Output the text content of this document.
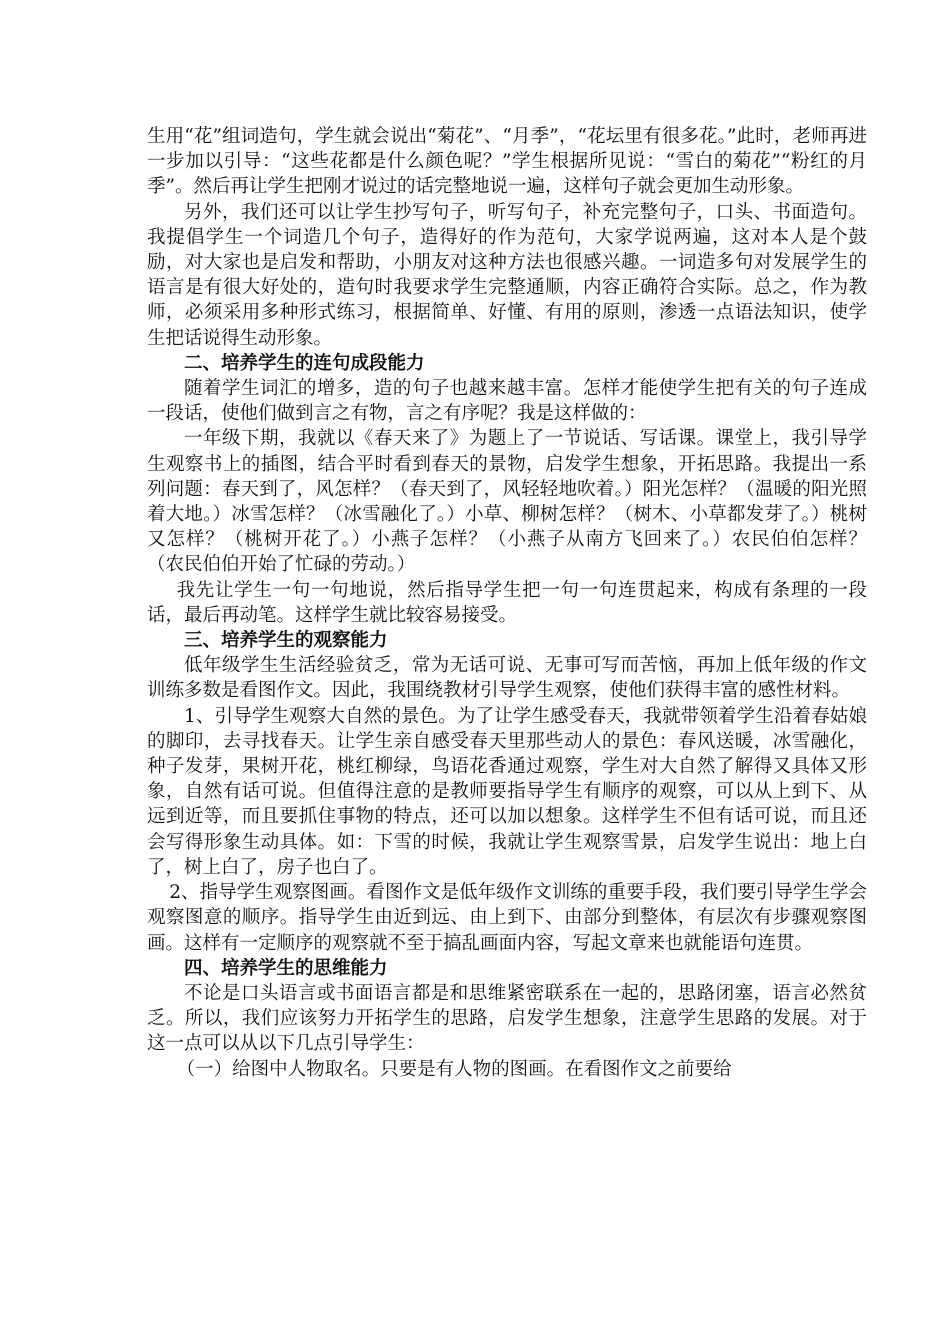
生用“花”组词造句，学生就会说出“菊花”、“月季”，“花坛里有很多花。”此时，老师再进一步加以引导：“这些花都是什么颜色呢？”学生根据所见说：“雪白的菊花”“粉红的月季”。然后再让学生把刚才说过的话完整地说一遍，这样句子就会更加生动形象。

另外，我们还可以让学生抄写句子，听写句子，补充完整句子，口头、书面造句。我提倡学生一个词造几个句子，造得好的作为范句，大家学说两遍，这对本人是个鼓励，对大家也是启发和帮助，小朋友对这种方法也很感兴趣。一词造多句对发展学生的语言是有很大好处的，造句时我要求学生完整通顺，内容正确符合实际。总之，作为教师，必须采用多种形式练习，根据简单、好懂、有用的原则，渗透一点语法知识，使学生把话说得生动形象。

二、培养学生的连句成段能力

随着学生词汇的增多，造的句子也越来越丰富。怎样才能使学生把有关的句子连成一段话，使他们做到言之有物，言之有序呢？我是这样做的：

一年级下期，我就以《春天来了》为题上了一节说话、写话课。课堂上，我引导学生观察书上的插图，结合平时看到春天的景物，启发学生想象，开拓思路。我提出一系列问题：春天到了，风怎样？（春天到了，风轻轻地吹着。）阳光怎样？（温暖的阳光照着大地。）冰雪怎样？（冰雪融化了。）小草、柳树怎样？（树木、小草都发芽了。）桃树又怎样？（桃树开花了。）小燕子怎样？（小燕子从南方飞回来了。）农民伯伯怎样？（农民伯伯开始了忙碌的劳动。）

我先让学生一句一句地说，然后指导学生把一句一句连贯起来，构成有条理的一段话，最后再动笔。这样学生就比较容易接受。

三、培养学生的观察能力

低年级学生生活经验贫乏，常为无话可说、无事可写而苦恼，再加上低年级的作文训练多数是看图作文。因此，我围绕教材引导学生观察，使他们获得丰富的感性材料。

1、引导学生观察大自然的景色。为了让学生感受春天，我就带领着学生沿着春姑娘的脚印，去寻找春天。让学生亲自感受春天里那些动人的景色：春风送暖，冰雪融化，种子发芽，果树开花，桃红柳绿，鸟语花香通过观察，学生对大自然了解得又具体又形象，自然有话可说。但值得注意的是教师要指导学生有顺序的观察，可以从上到下、从远到近等，而且要抓住事物的特点，还可以加以想象。这样学生不但有话可说，而且还会写得形象生动具体。如：下雪的时候，我就让学生观察雪景，启发学生说出：地上白了，树上白了，房子也白了。

2、指导学生观察图画。看图作文是低年级作文训练的重要手段，我们要引导学生学会观察图意的顺序。指导学生由近到远、由上到下、由部分到整体，有层次有步骤观察图画。这样有一定顺序的观察就不至于搞乱画面内容，写起文章来也就能语句连贯。

四、培养学生的思维能力

不论是口头语言或书面语言都是和思维紧密联系在一起的，思路闭塞，语言必然贫乏。所以，我们应该努力开拓学生的思路，启发学生想象，注意学生思路的发展。对于这一点可以从以下几点引导学生：

（一）给图中人物取名。只要是有人物的图画。在看图作文之前要给
